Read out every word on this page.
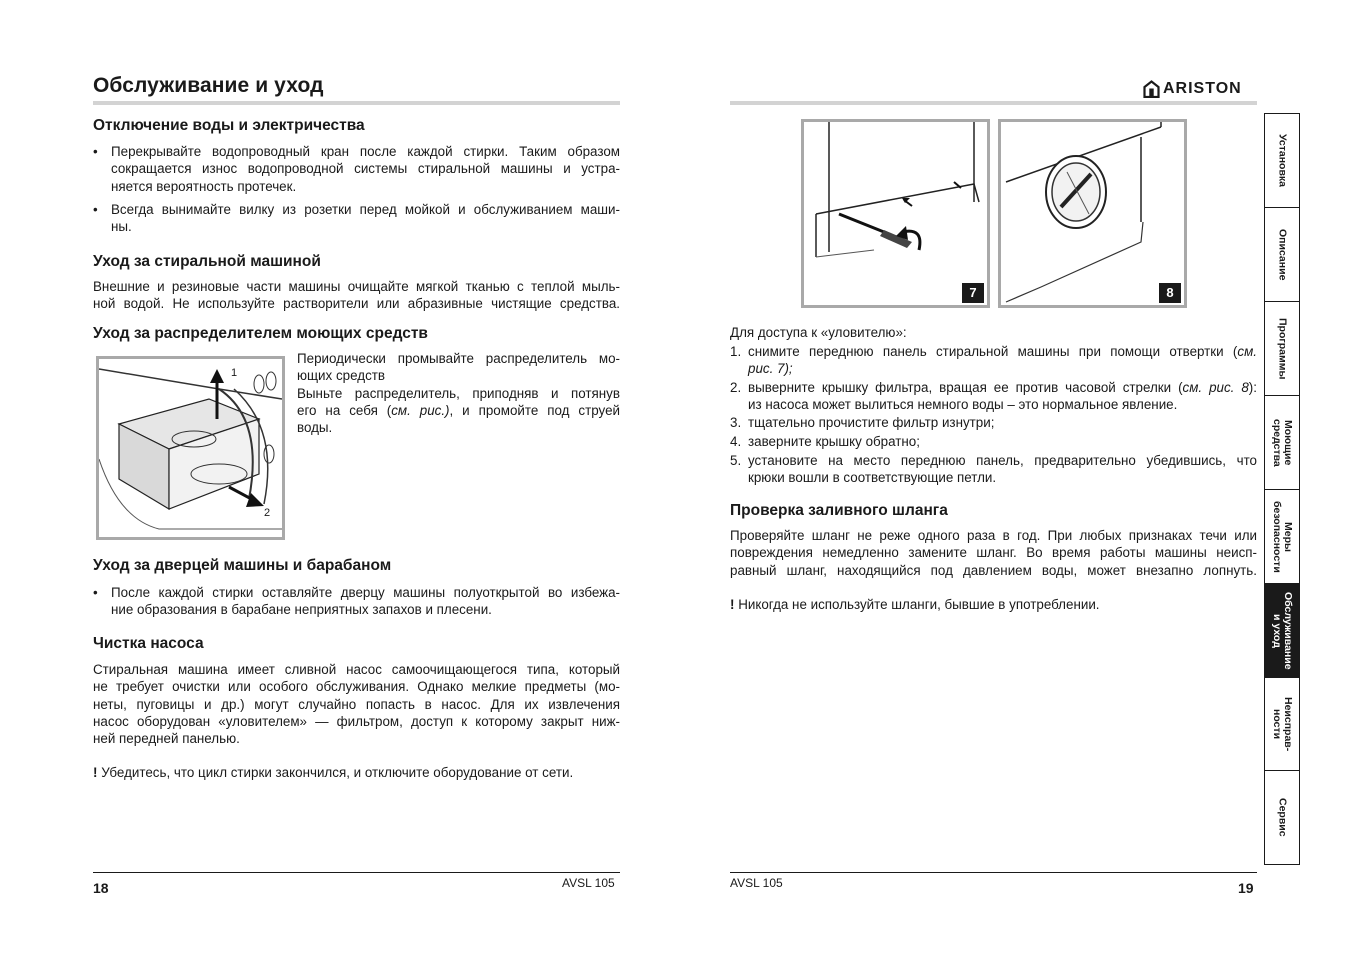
Обслуживание и уход
Отключение воды и электричества
• Перекрывайте водопроводный кран после каждой стирки. Таким образом
сокращается износ водопроводной системы стиральной машины и устра-
няется вероятность протечек.
• Всегда вынимайте вилку из розетки перед мойкой и обслуживанием маши-
ны.
Уход за стиральной машиной
Внешние и резиновые части машины очищайте мягкой тканью с теплой мыль-
ной водой. Не используйте растворители или абразивные чистящие средства.
Уход за распределителем моющих средств
1
2
Периодически промывайте распределитель мо-
ющих средств
Выньте распределитель, приподняв и потянув
его на себя (см. рис.), и промойте под струей
воды.
Уход за дверцей машины и барабаном
• После каждой стирки оставляйте дверцу машины полуоткрытой во избежа-
ние образования в барабане неприятных запахов и плесени.
Чистка насоса
Стиральная машина имеет сливной насос самоочищающегося типа, который
не требует очистки или особого обслуживания. Однако мелкие предметы (мо-
неты, пуговицы и др.) могут случайно попасть в насос. Для их извлечения
насос оборудован «уловителем» — фильтром, доступ к которому закрыт ниж-
ней передней панелью.
! Убедитесь, что цикл стирки закончился, и отключите оборудование от сети.
18	AVSL 105
ARISTON
7	8
Для доступа к «уловителю»:
1. снимите переднюю панель стиральной машины при помощи отвертки (см.
рис. 7);
2. выверните крышку фильтра, вращая ее против часовой стрелки (см. рис. 8):
из насоса может вылиться немного воды – это нормальное явление.
3. тщательно прочистите фильтр изнутри;
4. заверните крышку обратно;
5. установите на место переднюю панель, предварительно убедившись, что
крюки вошли в соответствующие петли.
Проверка заливного шланга
Проверяйте шланг не реже одного раза в год. При любых признаках течи или
повреждения немедленно замените шланг. Во время работы машины неисп-
равный шланг, находящийся под давлением воды, может внезапно лопнуть.
! Никогда не используйте шланги, бывшие в употреблении.
AVSL 105	19
Установка
Описание
Программы
Моющие
средства
Меры
безопасности
Обслуживание
и уход
Неиспрaв-
ности
Сервис
